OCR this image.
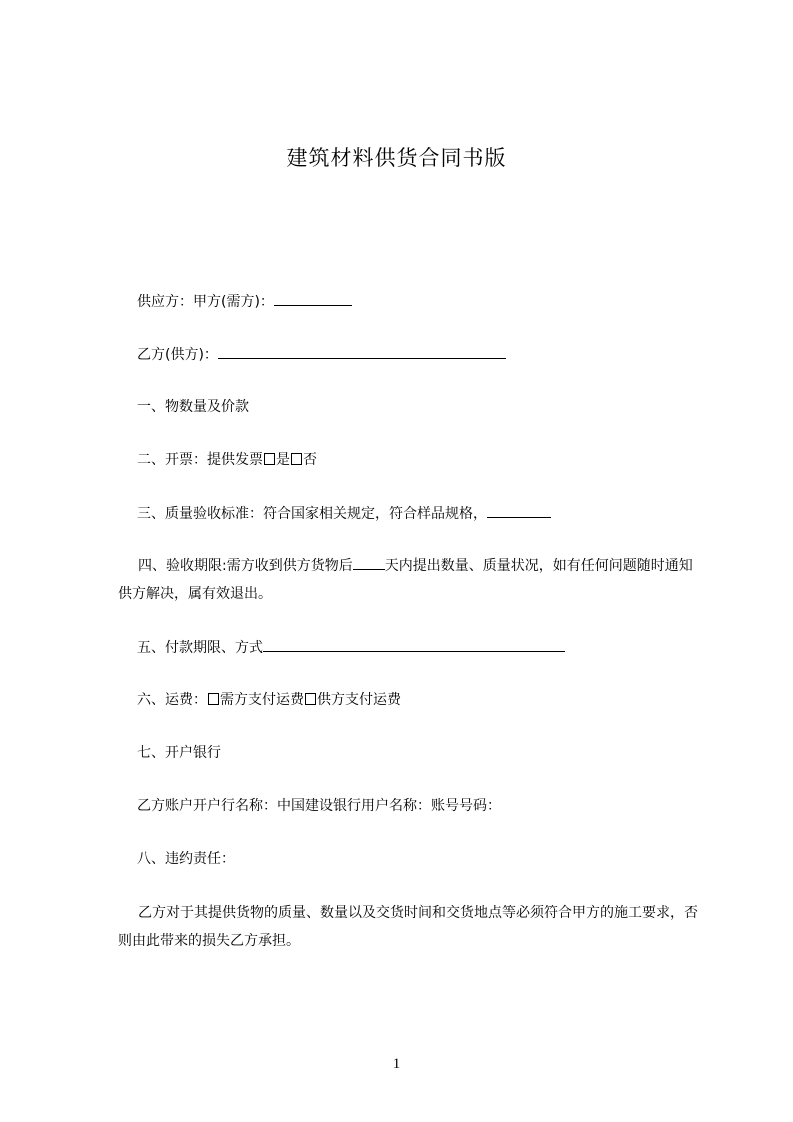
建筑材料供货合同书版
供应方：甲方(需方)：
乙方(供方)：
一、物数量及价款
二、开票：提供发票 是 否
三、质量验收标准：符合国家相关规定，符合样品规格，
四、验收期限:需方收到供方货物后 天内提出数量、质量状况，如有任何问题随时通知供方解决，属有效退出。
五、付款期限、方式
六、运费： 需方支付运费 供方支付运费
七、开户银行
乙方账户开户行名称：中国建设银行用户名称：账号号码：
八、违约责任：
乙方对于其提供货物的质量、数量以及交货时间和交货地点等必须符合甲方的施工要求，否则由此带来的损失乙方承担。
1
